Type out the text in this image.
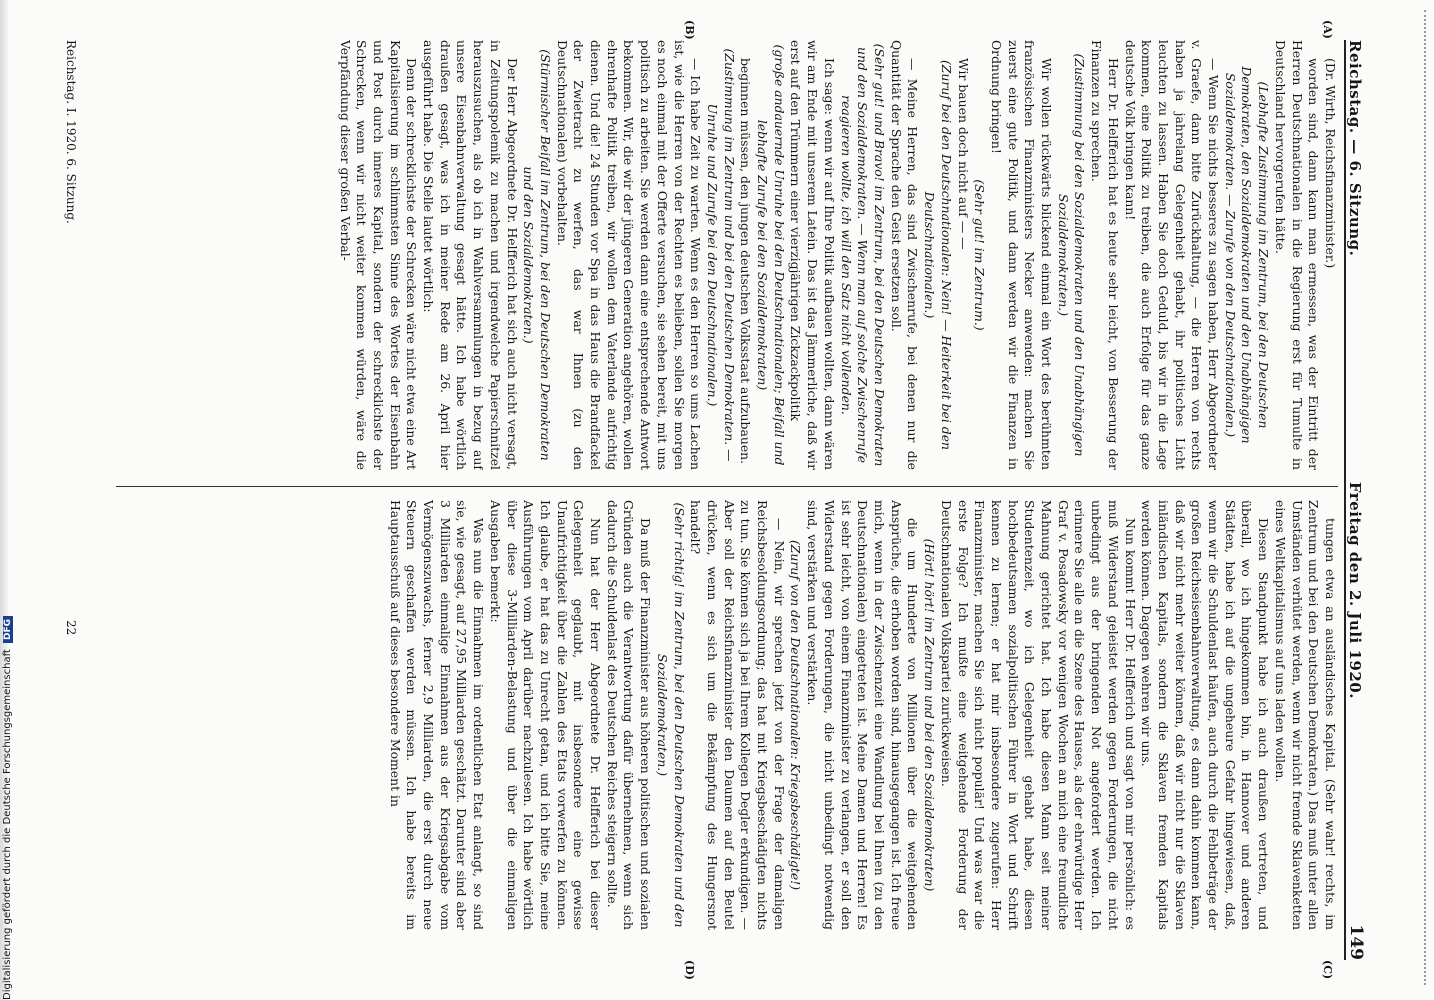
Digitalisierung gefördert durch die Deutsche Forschungsgemeinschaft DFG
Reichstag. — 6. Sitzung.
Freitag den 2. Juli 1920.
149
(A)
(B)
(C)
(D)

(Dr. Wirth, Reichsfinanzminister.)

worden sind, dann kann man ermessen, was der Eintritt der Herren Deutschnationalen in die Regierung erst für Tumulte in Deutschland hervorgerufen hätte.

(Lebhafte Zustimmung im Zentrum, bei den Deutschen Demokraten, den Sozialdemokraten und den Unabhängigen Sozialdemokraten. — Zurufe von den Deutschnationalen.)

— Wenn Sie nichts besseres zu sagen haben, Herr Abgeordneter v. Graefe, dann bitte Zurückhaltung, — die Herren von rechts haben ja jahrelang Gelegenheit gehabt, ihr politisches Licht leuchten zu lassen. Haben Sie doch Geduld, bis wir in die Lage kommen, eine Politik zu treiben, die auch Erfolge für das ganze deutsche Volk bringen kann!

Herr Dr. Helfferich hat es heute sehr leicht, von Besserung der Finanzen zu sprechen.

(Zustimmung bei den Sozialdemokraten und den Unabhängigen Sozialdemokraten.)

Wir wollen rückwärts blickend einmal ein Wort des berühmten französischen Finanzministers Necker anwenden: machen Sie zuerst eine gute Politik, und dann werden wir die Finanzen in Ordnung bringen!

(Sehr gut! im Zentrum.)

Wir bauen doch nicht auf — —

(Zuruf bei den Deutschnationalen: Nein! — Heiterkeit bei den Deutschnationalen.)

— Meine Herren, das sind Zwischenrufe, bei denen nur die Quantität der Sprache den Geist ersetzen soll.

(Sehr gut! und Bravo! im Zentrum, bei den Deutschen Demokraten und den Sozialdemokraten. — Wenn man auf solche Zwischenrufe reagieren wollte, ich will den Satz nicht vollenden.

Ich sage: wenn wir auf Ihre Politik aufbauen wollten, dann wären wir am Ende mit unserem Latein. Das ist das Jämmerliche, daß wir erst auf den Trümmern einer vierzigjährigen Zickzackpolitik

(große andauernde Unruhe bei den Deutschnationalen; Beifall und lebhafte Zurufe bei den Sozialdemokraten)

beginnen müssen, den jungen deutschen Volksstaat aufzubauen.

(Zustimmung im Zentrum und bei den Deutschen Demokraten. — Unruhe und Zurufe bei den Deutschnationalen.)

— Ich habe Zeit zu warten. Wenn es den Herren so ums Lachen ist, wie die Herren von der Rechten es belieben, sollen Sie morgen es noch einmal mit der Offerte versuchen, sie sehen bereit, mit uns politisch zu arbeiten. Sie werden dann eine entsprechende Antwort bekommen. Wir, die wir der jüngeren Generation angehören, wollen ehrenhafte Politik treiben, wir wollen dem Vaterlande aufrichtig dienen. Und die! 24 Stunden vor Spa in das Haus die Brandfackel der Zwietracht zu werfen, das war Ihnen (zu den Deutschnationalen) vorbehalten.

(Stürmischer Beifall im Zentrum, bei den Deutschen Demokraten und den Sozialdemokraten.)

Der Herr Abgeordnete Dr. Helfferich hat sich auch nicht versagt, in Zeitungspolemik zu machen und irgendwelche Papierschnitzel herauszusuchen, als ob ich in Wahlversammlungen in bezug auf unsere Eisenbahnverwaltung gesagt hätte. Ich habe wörtlich draußen gesagt, was ich in meiner Rede am 26. April hier ausgeführt habe. Die Stelle lautet wörtlich:

Denn der schrecklichste der Schrecken wäre nicht etwa eine Art Kapitalisierung im schlimmsten Sinne des Wortes der Eisenbahn und Post durch inneres Kapital, sondern der schrecklichste der Schrecken, wenn wir nicht weiter kommen würden, wäre die Verpfändung dieser großen Verbal-

tungen etwa an ausländisches Kapital. (Sehr wahr! rechts, im Zentrum und bei den Deutschen Demokraten.) Das muß unter allen Umständen verhütet werden, wenn wir nicht fremde Sklavenketten eines Weltkapitalismus auf uns laden wollen.

Diesen Standpunkt habe ich auch draußen vertreten, und überall, wo ich hingekommen bin, in Hannover und anderen Städten, habe ich auf die ungeheure Gefahr hingewiesen, daß, wenn wir die Schuldenlast häufen, auch durch die Fehlbeträge der großen Reichseisenbahnverwaltung, es dann dahin kommen kann, daß wir nicht mehr weiter können, daß wir nicht nur die Sklaven inländischen Kapitals, sondern die Sklaven fremden Kapitals werden können. Dagegen wehren wir uns.

Nun kommt Herr Dr. Helfferich und sagt von mir persönlich: es muß Widerstand geleistet werden gegen Forderungen, die nicht unbedingt aus der bringenden Not angefordert werden. Ich erinnere Sie alle an die Szene des Hauses, als der ehrwürdige Herr Graf v. Posadowsky vor wenigen Wochen an mich eine freundliche Mahnung gerichtet hat. Ich habe diesen Mann seit meiner Studentenzeit, wo ich Gelegenheit gehabt habe, diesen hochbedeutsamen sozialpolitischen Führer in Wort und Schrift kennen zu lernen; er hat mir insbesondere zugerufen: Herr Finanzminister, machen Sie sich nicht populär! Und was war die erste Folge? Ich mußte eine weitgehende Forderung der Deutschnationalen Volkspartei zurückweisen.

(Hört! hört! im Zentrum und bei den Sozialdemokraten)

die um Hunderte von Millionen über die weitgehenden Ansprüche, die erhoben worden sind, hinausgegangen ist. Ich freue mich, wenn in der Zwischenzeit eine Wandlung bei Ihnen (zu den Deutschnationalen) eingetreten ist. Meine Damen und Herren! Es ist sehr leicht, von einem Finanzminister zu verlangen, er soll den Widerstand gegen Forderungen, die nicht unbedingt notwendig sind, verstärken und verstärken.

(Zuruf von den Deutschnationalen: Kriegsbeschädigte!)

— Nein, wir sprechen jetzt von der Frage der damaligen Reichsbesoldungsordnung; das hat mit Kriegsbeschädigten nichts zu tun. Sie können sich ja bei Ihrem Kollegen Degler erkundigen. — Aber soll der Reichsfinanzminister den Daumen auf den Beutel drücken, wenn es sich um die Bekämpfung des Hungersnot handelt?

(Sehr richtig! im Zentrum, bei den Deutschen Demokraten und den Sozialdemokraten.)

Da muß der Finanzminister aus höheren politischen und sozialen Gründen auch die Verantwortung dafür übernehmen, wenn sich dadurch die Schuldenlast des Deutschen Reiches steigern sollte.

Nun hat der Herr Abgeordnete Dr. Helfferich bei dieser Gelegenheit geglaubt, mit insbesondere eine gewisse Unaufrichtigkeit über die Zahlen des Etats vorwerfen zu können. Ich glaube, er hat das zu Unrecht getan, und ich bitte Sie, meine Ausführungen vom April darüber nachzulesen. Ich habe wörtlich über diese 3-Milliarden-Belastung und über die einmaligen Ausgaben bemerkt:

Was nun die Einnahmen im ordentlichen Etat anlangt, so sind sie, wie gesagt, auf 27,95 Milliarden geschätzt. Darunter sind aber 3 Milliarden einmalige Einnahmen aus der Kriegsabgabe vom Vermögenszuwachs, ferner 2,9 Milliarden, die erst durch neue Steuern geschaffen werden müssen. Ich habe bereits im Hauptausschuß auf dieses besondere Moment in

Reichstag. I. 1920. 6. Sitzung.
22
